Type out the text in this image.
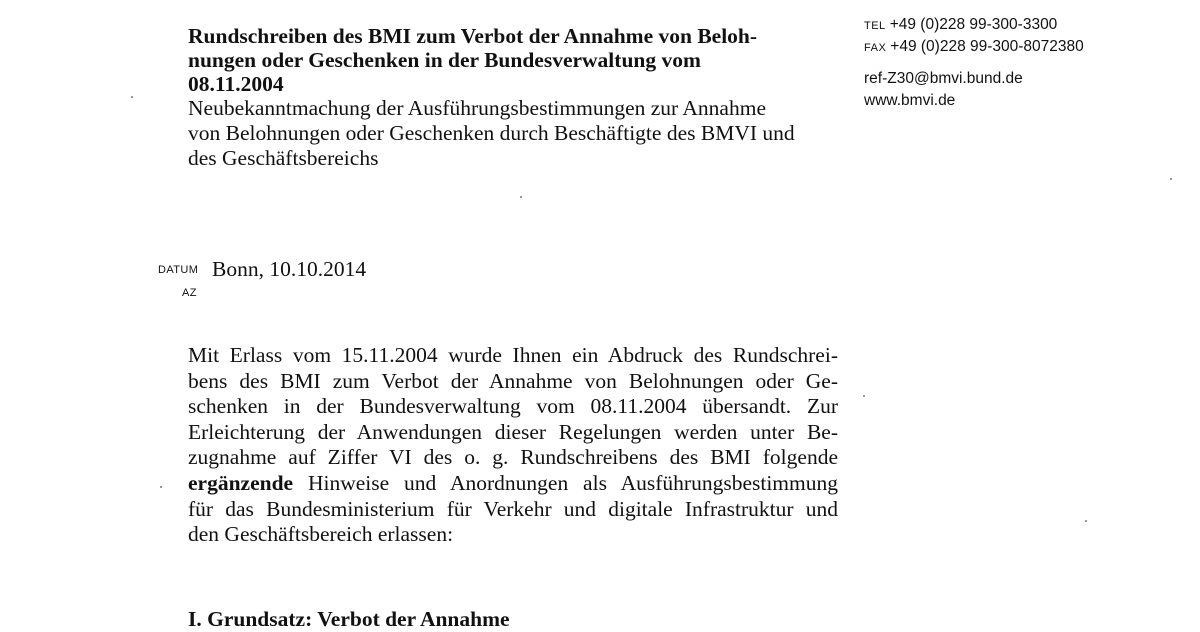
Rundschreiben des BMI zum Verbot der Annahme von Beloh-
nungen oder Geschenken in der Bundesverwaltung vom
08.11.2004

Neubekanntmachung der Ausführungsbestimmungen zur Annahme
von Belohnungen oder Geschenken durch Beschäftigte des BMVI und
des Geschäftsbereichs

TEL +49 (0)228 99-300-3300
FAX +49 (0)228 99-300-8072380
ref-Z30@bmvi.bund.de
www.bmvi.de
DATUM Bonn, 10.10.2014
AZ
Mit Erlass vom 15.11.2004 wurde Ihnen ein Abdruck des Rundschrei-
bens des BMI zum Verbot der Annahme von Belohnungen oder Ge-
schenken in der Bundesverwaltung vom 08.11.2004 übersandt. Zur
Erleichterung der Anwendungen dieser Regelungen werden unter Be-
zugnahme auf Ziffer VI des o. g. Rundschreibens des BMI folgende
ergänzende Hinweise und Anordnungen als Ausführungsbestimmung
für das Bundesministerium für Verkehr und digitale Infrastruktur und
den Geschäftsbereich erlassen:

I. Grundsatz: Verbot der Annahme
